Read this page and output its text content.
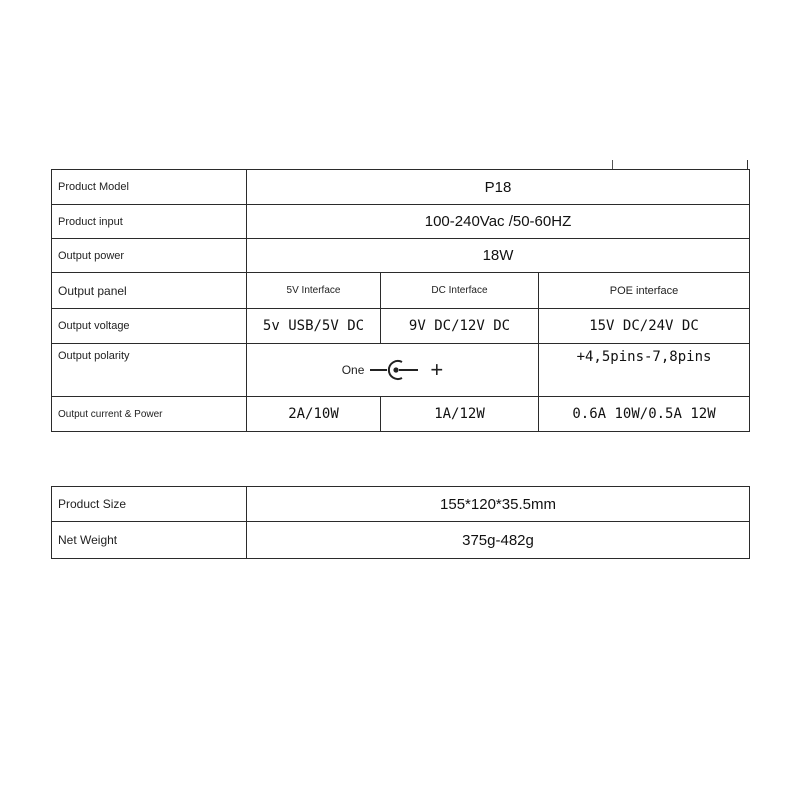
Product Model	P18		
Product input	100-240Vac /50-60HZ		
Output power	18W		
Output panel	5V Interface	DC Interface	POE interface
Output voltage	5v USB/5V DC	9V DC/12V DC	15V DC/24V DC
Output polarity	One +		+4,5pins-7,8pins
Output current & Power	2A/10W	1A/12W	0.6A 10W/0.5A 12W
Product Size	155*120*35.5mm
Net Weight	375g-482g
